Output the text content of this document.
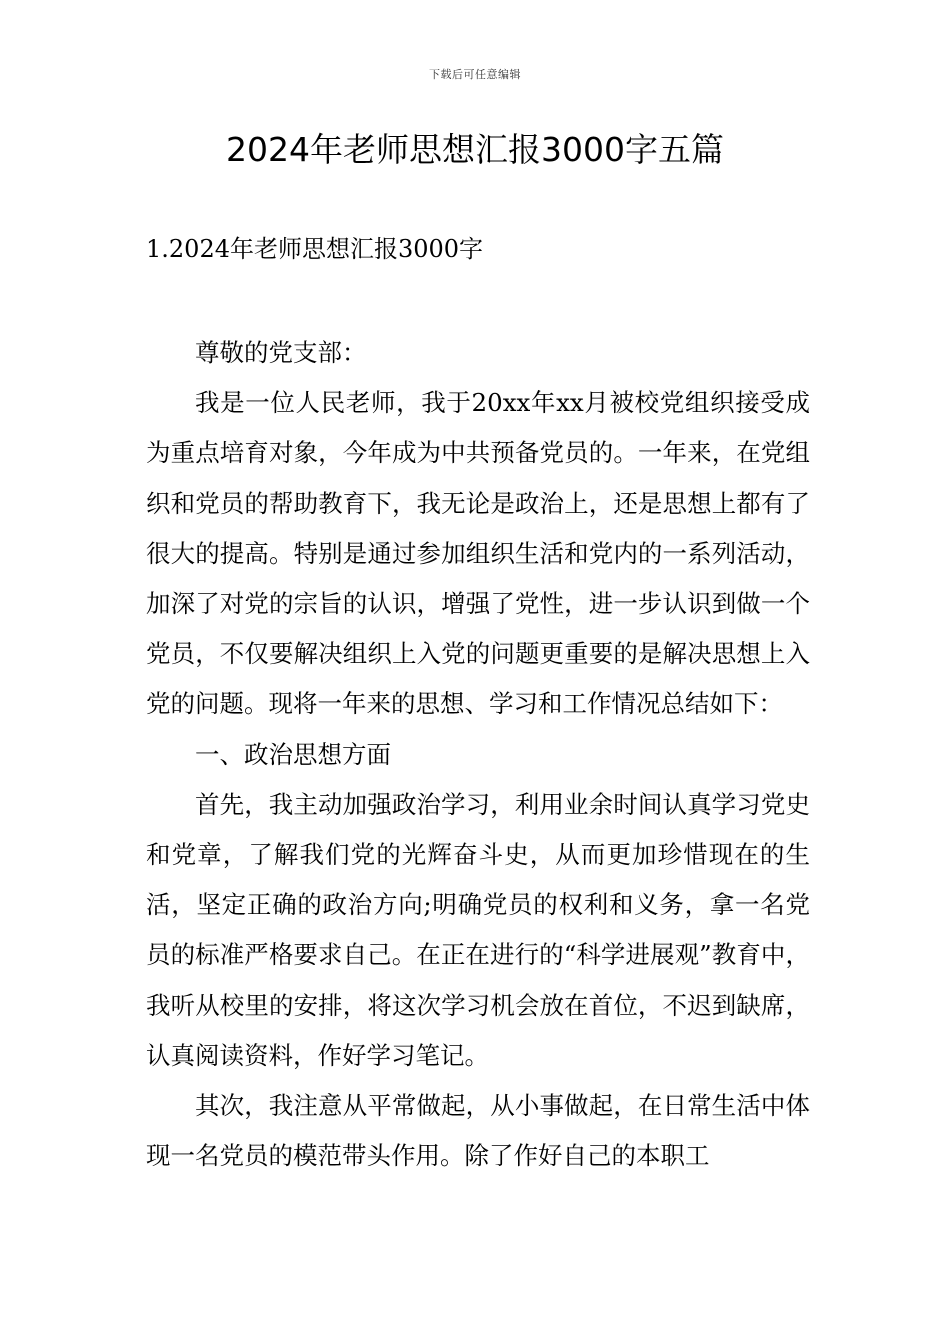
下载后可任意编辑
2024年老师思想汇报3000字五篇
1.2024年老师思想汇报3000字

尊敬的党支部：

我是一位人民老师，我于20xx年xx月被校党组织接受成为重点培育对象，今年成为中共预备党员的。一年来，在党组织和党员的帮助教育下，我无论是政治上，还是思想上都有了很大的提高。特别是通过参加组织生活和党内的一系列活动，加深了对党的宗旨的认识，增强了党性，进一步认识到做一个党员，不仅要解决组织上入党的问题更重要的是解决思想上入党的问题。现将一年来的思想、学习和工作情况总结如下：

一、政治思想方面

首先，我主动加强政治学习，利用业余时间认真学习党史和党章，了解我们党的光辉奋斗史，从而更加珍惜现在的生活，坚定正确的政治方向;明确党员的权利和义务，拿一名党员的标准严格要求自己。在正在进行的“科学进展观”教育中，我听从校里的安排，将这次学习机会放在首位，不迟到缺席，认真阅读资料，作好学习笔记。

其次，我注意从平常做起，从小事做起，在日常生活中体现一名党员的模范带头作用。除了作好自己的本职工
